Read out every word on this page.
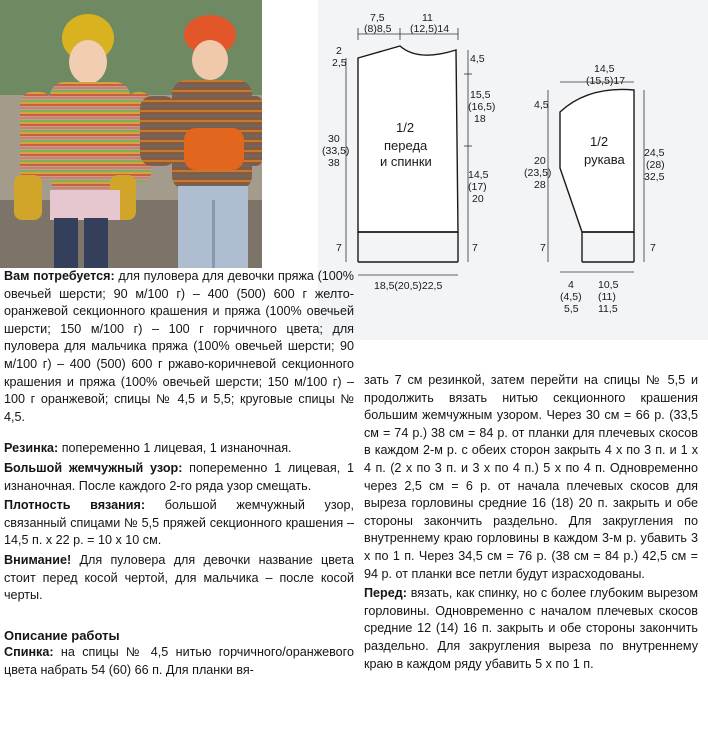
7,5
(8)8,5
11
(12,5)14
2
2,5	4,5
15,5
(16,5)
18
30
(33,5)
38
14,5
(17)
20
7	7
18,5(20,5)22,5
1/2
переда
и спинки
14,5
(15,5)17
4,5
20
(23,5)
28
24,5
(28)
32,5
7	7
4
(4,5)
5,5
10,5
(11)
11,5
1/2
рукава

Вам потребуется: для пуловера для девочки пряжа (100% овечьей шерсти; 90 м/100 г) – 400 (500) 600 г желто-оранжевой секционного крашения и пряжа (100% овечьей шерсти; 150 м/100 г) – 100 г горчичного цвета; для пуловера для мальчика пряжа (100% овечьей шерсти; 90 м/100 г) – 400 (500) 600 г ржаво-коричневой секционного крашения и пряжа (100% овечьей шерсти; 150 м/100 г) – 100 г оранжевой; спицы № 4,5 и 5,5; круговые спицы № 4,5.

Резинка: попеременно 1 лицевая, 1 изнаночная.

Большой жемчужный узор: попеременно 1 лицевая, 1 изнаночная. После каждого 2-го ряда узор смещать.

Плотность вязания: большой жемчужный узор, связанный спицами № 5,5 пряжей секционного крашения – 14,5 п. х 22 р. = 10 х 10 см.

Внимание! Для пуловера для девочки название цвета стоит перед косой чертой, для мальчика – после косой черты.

Описание работы

Спинка: на спицы № 4,5 нитью горчичного/оранжевого цвета набрать 54 (60) 66 п. Для планки вя-

зать 7 см резинкой, затем перейти на спицы № 5,5 и продолжить вязать нитью секционного крашения большим жемчужным узором. Через 30 см = 66 р. (33,5 см = 74 р.) 38 см = 84 р. от планки для плечевых скосов в каждом 2-м р. с обеих сторон закрыть 4 х по 3 п. и 1 х 4 п. (2 х по 3 п. и 3 х по 4 п.) 5 х по 4 п. Одновременно через 2,5 см = 6 р. от начала плечевых скосов для выреза горловины средние 16 (18) 20 п. закрыть и обе стороны закончить раздельно. Для закругления по внутреннему краю горловины в каждом 3-м р. убавить 3 х по 1 п. Через 34,5 см = 76 р. (38 см = 84 р.) 42,5 см = 94 р. от планки все петли будут израсходованы.

Перед: вязать, как спинку, но с более глубоким вырезом горловины. Одновременно с началом плечевых скосов средние 12 (14) 16 п. закрыть и обе стороны закончить раздельно. Для закругления выреза по внутреннему краю в каждом ряду убавить 5 х по 1 п.
